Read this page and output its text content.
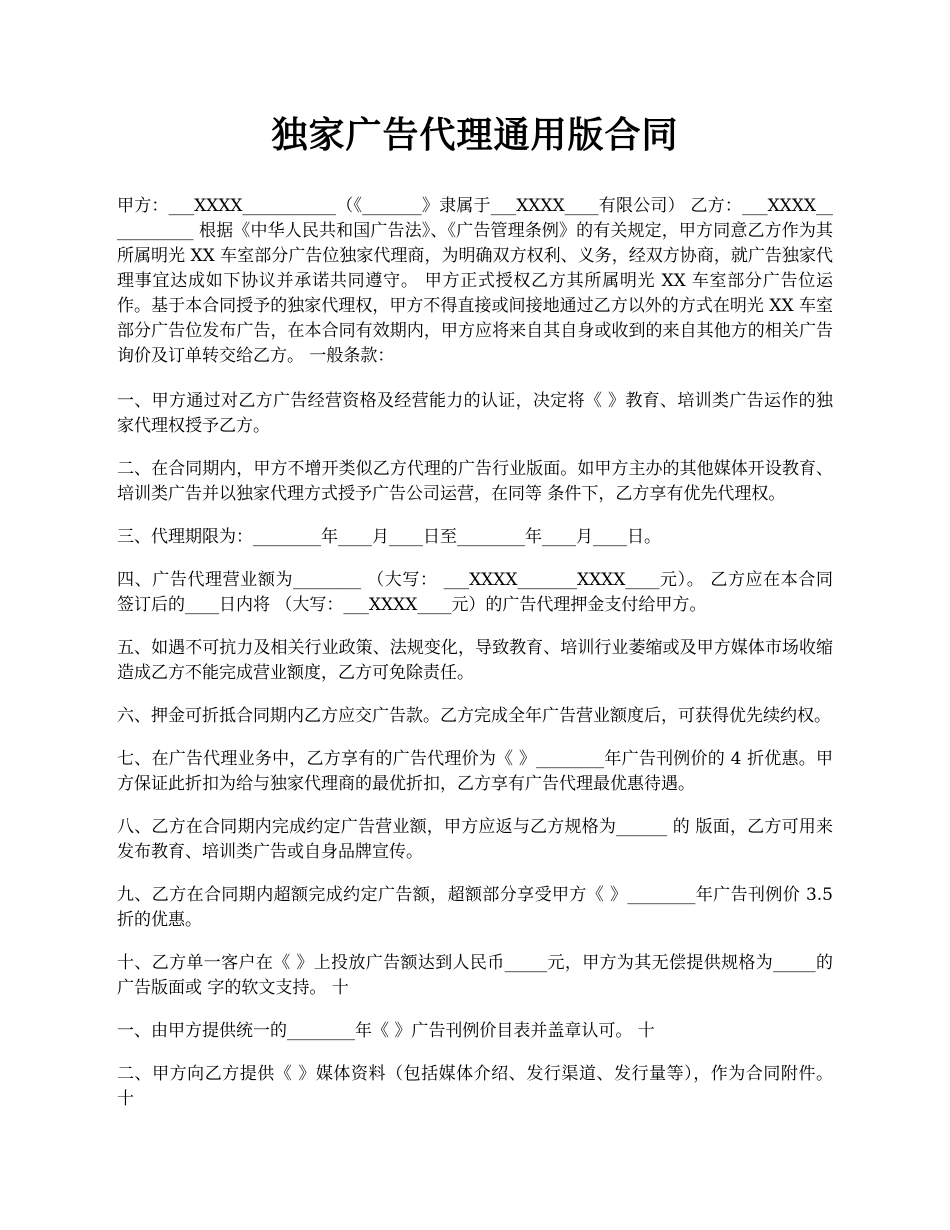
独家广告代理通用版合同

甲方：___XXXX___________（《_______》隶属于___XXXX____有限公司） 乙方：___XXXX___________ 根据《中华人民共和国广告法》、《广告管理条例》的有关规定，甲方同意乙方作为其所属明光 XX 车室部分广告位独家代理商，为明确双方权利、义务，经双方协商，就广告独家代理事宜达成如下协议并承诺共同遵守。 甲方正式授权乙方其所属明光 XX 车室部分广告位运作。基于本合同授予的独家代理权，甲方不得直接或间接地通过乙方以外的方式在明光 XX 车室部分广告位发布广告，在本合同有效期内，甲方应将来自其自身或收到的来自其他方的相关广告询价及订单转交给乙方。 一般条款：

一、甲方通过对乙方广告经营资格及经营能力的认证，决定将《 》教育、培训类广告运作的独家代理权授予乙方。

二、在合同期内，甲方不增开类似乙方代理的广告行业版面。如甲方主办的其他媒体开设教育、培训类广告并以独家代理方式授予广告公司运营，在同等 条件下，乙方享有优先代理权。

三、代理期限为：________年____月____日至________年____月____日。

四、广告代理营业额为________ （大写： ___XXXX_______XXXX____元）。 乙方应在本合同签订后的____日内将 （大写：___XXXX____元）的广告代理押金支付给甲方。

五、如遇不可抗力及相关行业政策、法规变化，导致教育、培训行业萎缩或及甲方媒体市场收缩造成乙方不能完成营业额度，乙方可免除责任。

六、押金可折抵合同期内乙方应交广告款。乙方完成全年广告营业额度后，可获得优先续约权。

七、在广告代理业务中，乙方享有的广告代理价为《 》________年广告刊例价的 4 折优惠。甲方保证此折扣为给与独家代理商的最优折扣，乙方享有广告代理最优惠待遇。

八、乙方在合同期内完成约定广告营业额，甲方应返与乙方规格为______ 的 版面，乙方可用来发布教育、培训类广告或自身品牌宣传。

九、乙方在合同期内超额完成约定广告额，超额部分享受甲方《 》________年广告刊例价 3.5 折的优惠。

十、乙方单一客户在《 》上投放广告额达到人民币_____元，甲方为其无偿提供规格为_____的广告版面或 字的软文支持。 十

一、由甲方提供统一的________年《 》广告刊例价目表并盖章认可。 十

二、甲方向乙方提供《 》媒体资料（包括媒体介绍、发行渠道、发行量等），作为合同附件。 十
